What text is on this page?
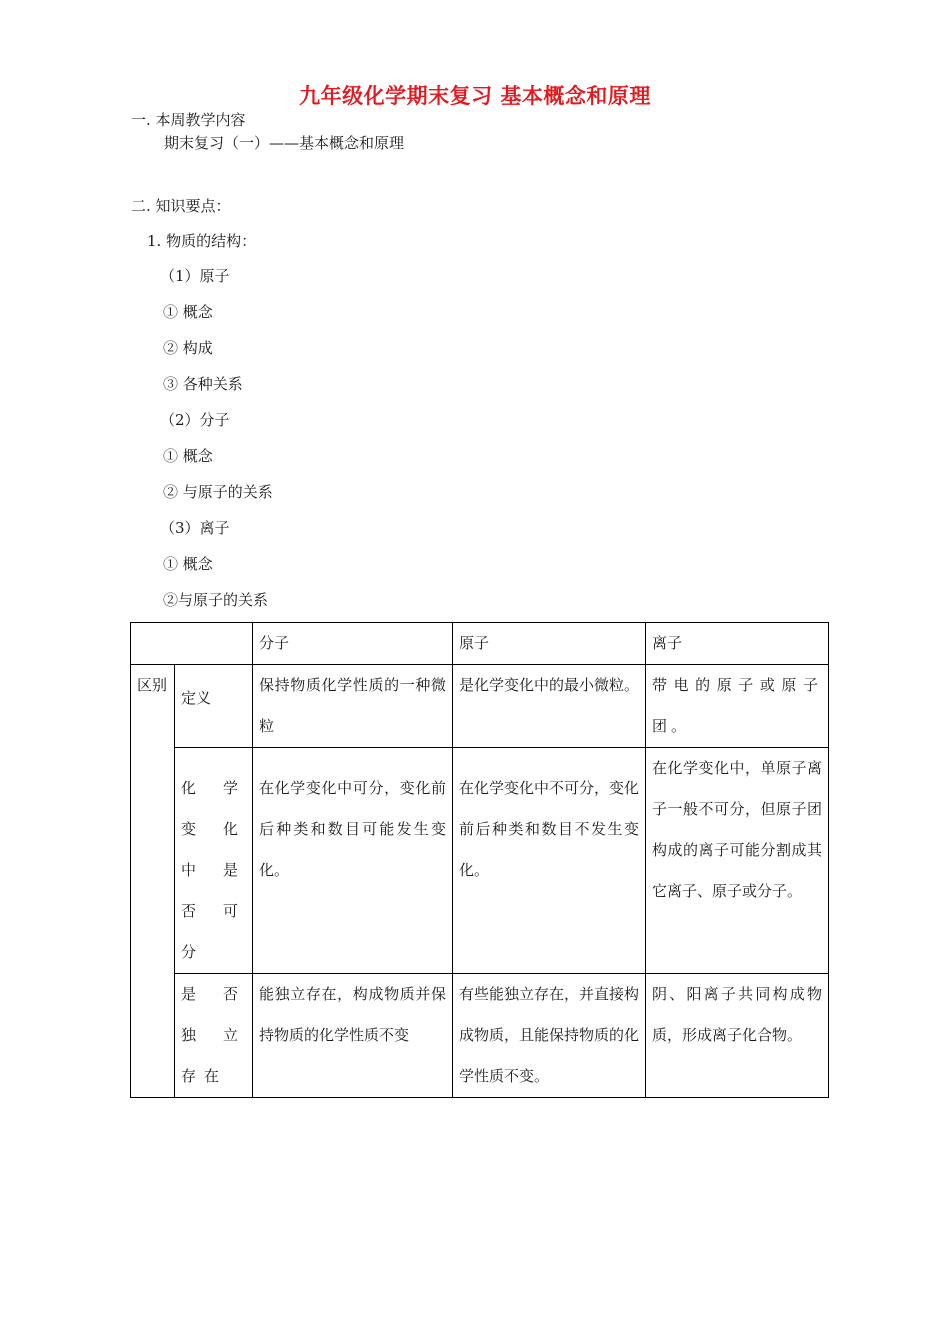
九年级化学期末复习 基本概念和原理
一. 本周教学内容
期末复习（一）——基本概念和原理
二. 知识要点：
1. 物质的结构：
（1）原子
① 概念
② 构成
③ 各种关系
（2）分子
① 概念
② 与原子的关系
（3）离子
① 概念
②与原子的关系
		分子	原子	离子
区别	定义	保持物质化学性质的一种微粒	是化学变化中的最小微粒。	带电的原子或原子团。
	化学变化中是否可分	在化学变化中可分，变化前后种类和数目可能发生变化。	在化学变化中不可分，变化前后种类和数目不发生变化。	在化学变化中，单原子离子一般不可分，但原子团构成的离子可能分割成其它离子、原子或分子。
	是否独立存在	能独立存在，构成物质并保持物质的化学性质不变	有些能独立存在，并直接构成物质，且能保持物质的化学性质不变。	阴、阳离子共同构成物质，形成离子化合物。
